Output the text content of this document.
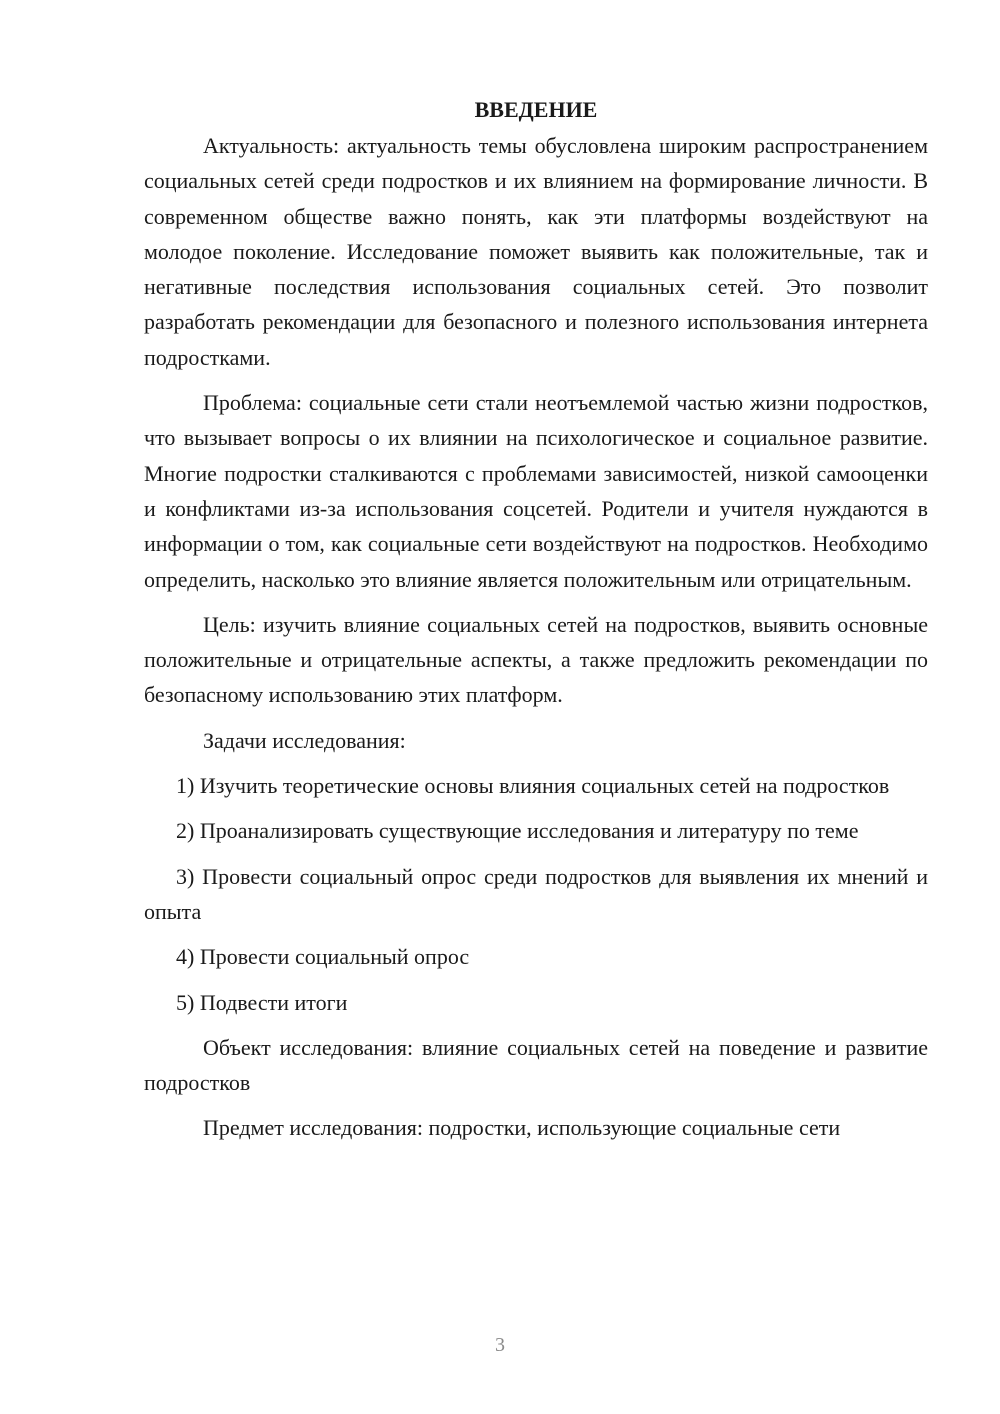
ВВЕДЕНИЕ

Актуальность: актуальность темы обусловлена широким распространением социальных сетей среди подростков и их влиянием на формирование личности. В современном обществе важно понять, как эти платформы воздействуют на молодое поколение. Исследование поможет выявить как положительные, так и негативные последствия использования социальных сетей. Это позволит разработать рекомендации для безопасного и полезного использования интернета подростками.

Проблема: социальные сети стали неотъемлемой частью жизни подростков, что вызывает вопросы о их влиянии на психологическое и социальное развитие. Многие подростки сталкиваются с проблемами зависимостей, низкой самооценки и конфликтами из-за использования соцсетей. Родители и учителя нуждаются в информации о том, как социальные сети воздействуют на подростков. Необходимо определить, насколько это влияние является положительным или отрицательным.

Цель: изучить влияние социальных сетей на подростков, выявить основные положительные и отрицательные аспекты, а также предложить рекомендации по безопасному использованию этих платформ.

Задачи исследования:

1) Изучить теоретические основы влияния социальных сетей на подростков

2) Проанализировать существующие исследования и литературу по теме

3) Провести социальный опрос среди подростков для выявления их мнений и опыта

4) Провести социальный опрос

5) Подвести итоги

Объект исследования: влияние социальных сетей на поведение и развитие подростков

Предмет исследования: подростки, использующие социальные сети

3
